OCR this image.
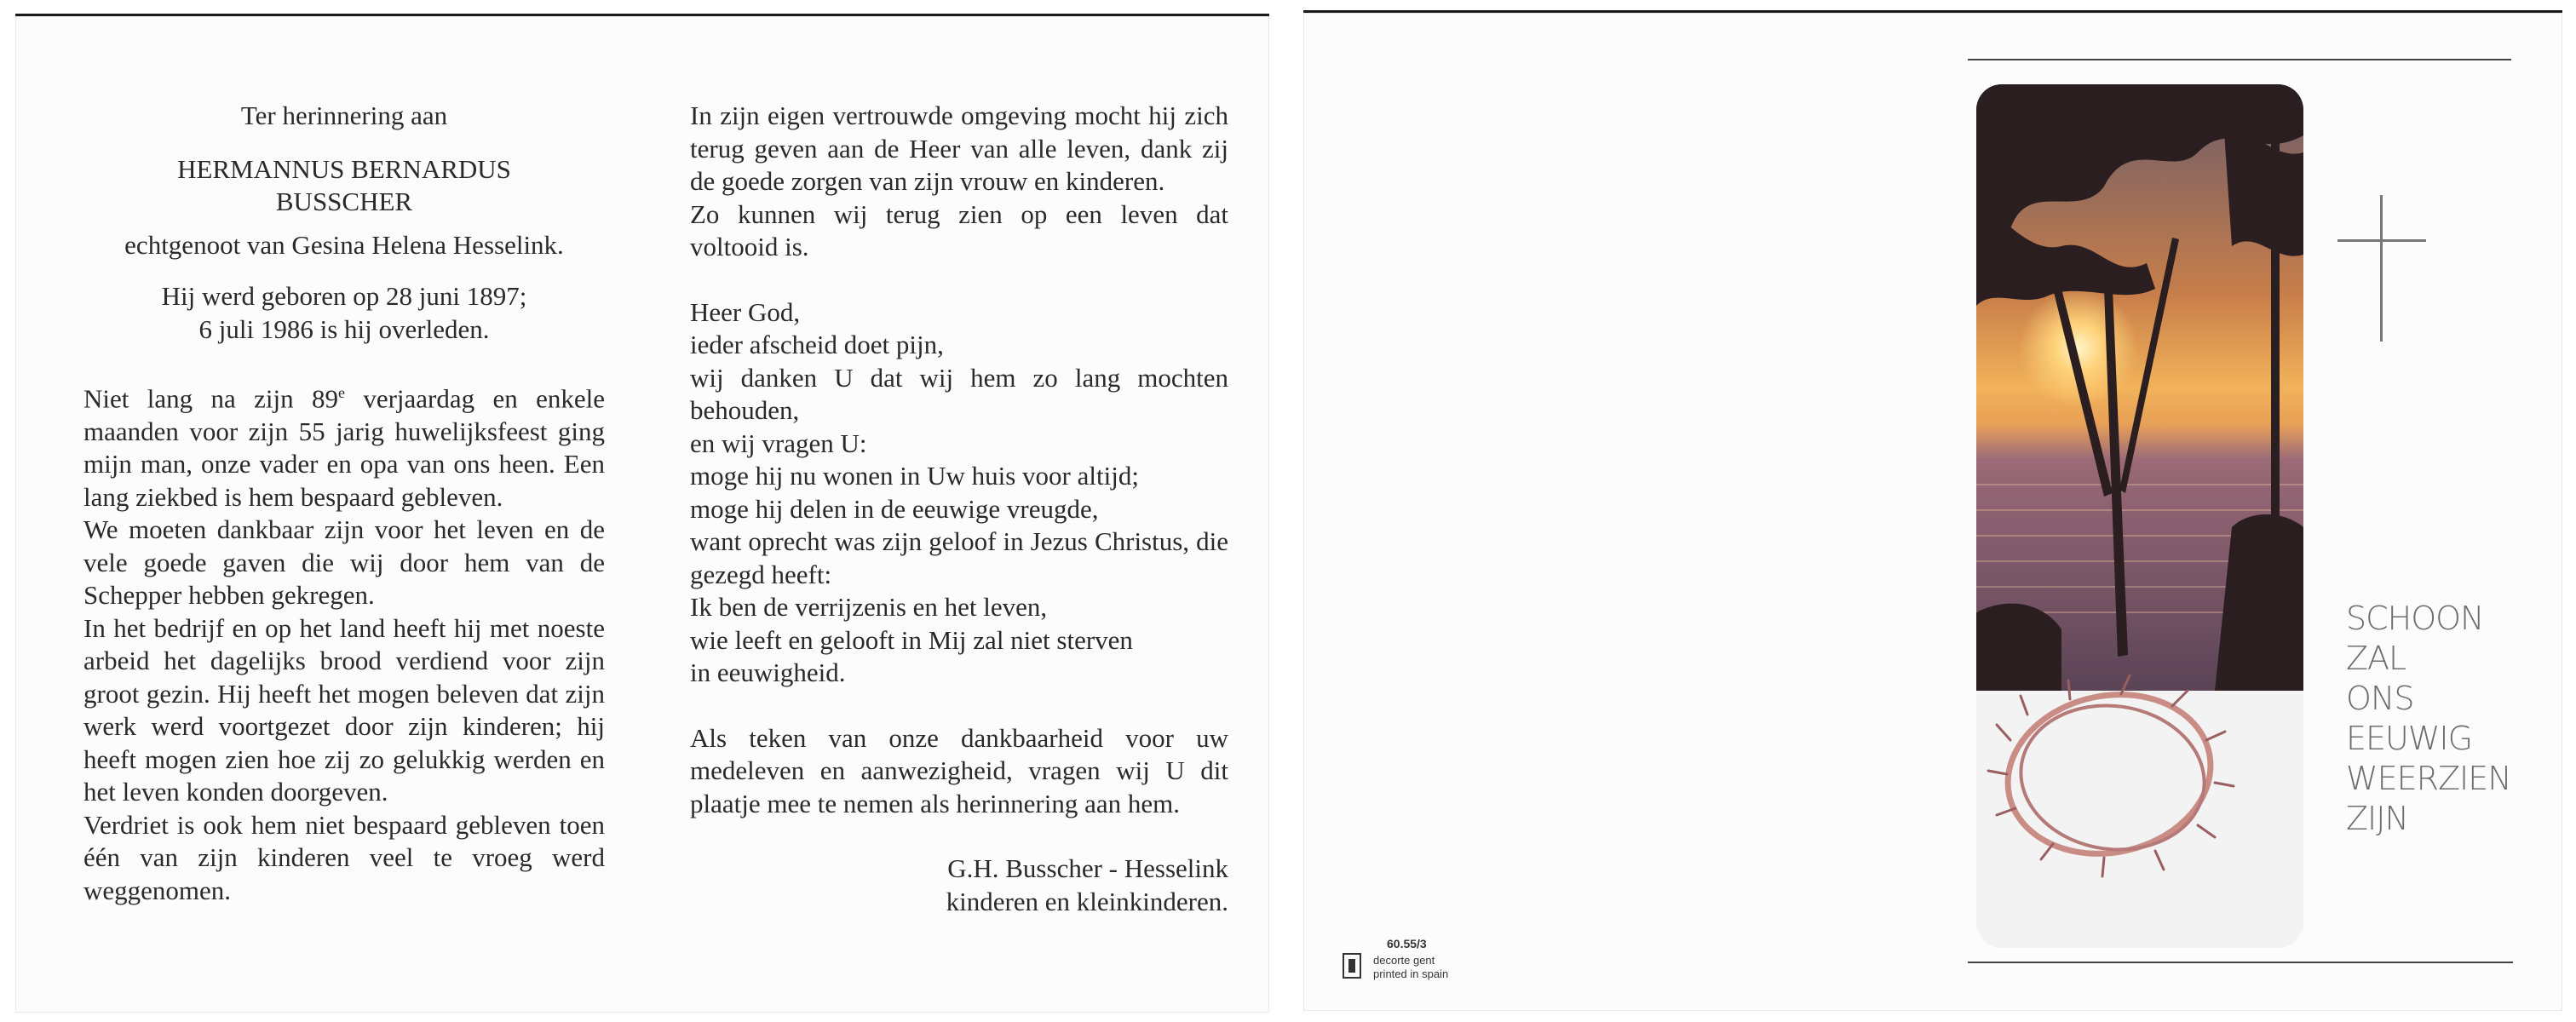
Ter herinnering aan
HERMANNUS BERNARDUS
BUSSCHER
echtgenoot van Gesina Helena Hesselink.
Hij werd geboren op 28 juni 1897;
6 juli 1986 is hij overleden.
Niet lang na zijn 89e verjaardag en enkele maanden voor zijn 55 jarig huwelijksfeest ging mijn man, onze vader en opa van ons heen. Een lang ziekbed is hem bespaard gebleven.
We moeten dankbaar zijn voor het leven en de vele goede gaven die wij door hem van de Schepper hebben gekregen.
In het bedrijf en op het land heeft hij met noeste arbeid het dagelijks brood verdiend voor zijn groot gezin. Hij heeft het mogen beleven dat zijn werk werd voortgezet door zijn kinderen; hij heeft mogen zien hoe zij zo gelukkig werden en het leven konden doorgeven.
Verdriet is ook hem niet bespaard gebleven toen één van zijn kinderen veel te vroeg werd weggenomen.
In zijn eigen vertrouwde omgeving mocht hij zich terug geven aan de Heer van alle leven, dank zij de goede zorgen van zijn vrouw en kinderen.
Zo kunnen wij terug zien op een leven dat voltooid is.
Heer God,
ieder afscheid doet pijn,
wij danken U dat wij hem zo lang mochten behouden,
en wij vragen U:
moge hij nu wonen in Uw huis voor altijd;
moge hij delen in de eeuwige vreugde,
want oprecht was zijn geloof in Jezus Christus, die gezegd heeft:
Ik ben de verrijzenis en het leven,
wie leeft en gelooft in Mij zal niet sterven
in eeuwigheid.
Als teken van onze dankbaarheid voor uw medeleven en aanwezigheid, vragen wij U dit plaatje mee te nemen als herinnering aan hem.
G.H. Busscher - Hesselink
kinderen en kleinkinderen.
SCHOON
ZAL
ONS
EEUWIG
WEERZIEN
ZIJN
60.55/3
decorte gent
printed in spain
